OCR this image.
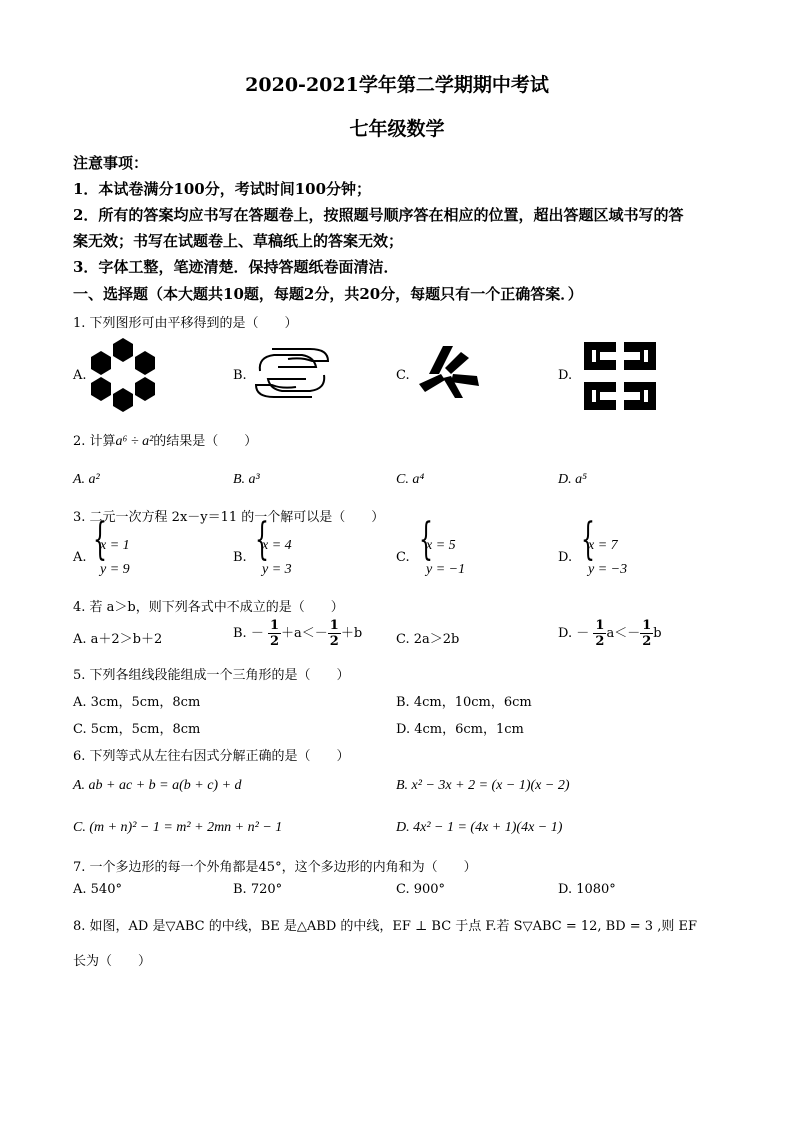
2020-2021学年第二学期期中考试
七年级数学
注意事项：
1．本试卷满分100分，考试时间100分钟；
2．所有的答案均应书写在答题卷上，按照题号顺序答在相应的位置，超出答题区域书写的答
案无效；书写在试题卷上、草稿纸上的答案无效；
3．字体工整，笔迹清楚．保持答题纸卷面清洁．
一、选择题（本大题共10题，每题2分，共20分，每题只有一个正确答案．）
1. 下列图形可由平移得到的是（　　）
A.	B.	C.	D.
2. 计算a⁶ ÷ a²的结果是（　　）
A. a²	B. a³	C. a⁴	D. a⁵
3. 二元一次方程 2x－y＝11 的一个解可以是（　　）
A. {
x = 1
y = 9
B. {
x = 4
y = 3
C. {
x = 5
y = −1
D. {
x = 7
y = −3
4. 若 a＞b，则下列各式中不成立的是（　　）
A. a＋2＞b＋2	B. － $\frac{1}{2} +a<- \frac{1}{2} +b$	C. 2a＞2b	D. － $\frac{1}{2} a<- \frac{1}{2}$ b
5. 下列各组线段能组成一个三角形的是（　　）
A. 3cm，5cm，8cm	B. 4cm，10cm，6cm
C. 5cm，5cm，8cm	D. 4cm，6cm，1cm
6. 下列等式从左往右因式分解正确的是（　　）
A. ab + ac + b = a(b + c) + d	B. x² − 3x + 2 = (x − 1)(x − 2)
C. (m + n)² − 1 = m² + 2mn + n² − 1	D. 4x² − 1 = (4x + 1)(4x − 1)
7. 一个多边形的每一个外角都是45°，这个多边形的内角和为（　　）
A. 540°	B. 720°	C. 900°	D. 1080°
8. 如图，AD 是▽ABC 的中线，BE 是△ABD 的中线，EF ⊥ BC 于点 F.若 S▽ABC = 12, BD = 3 ,则 EF
长为（　　）
